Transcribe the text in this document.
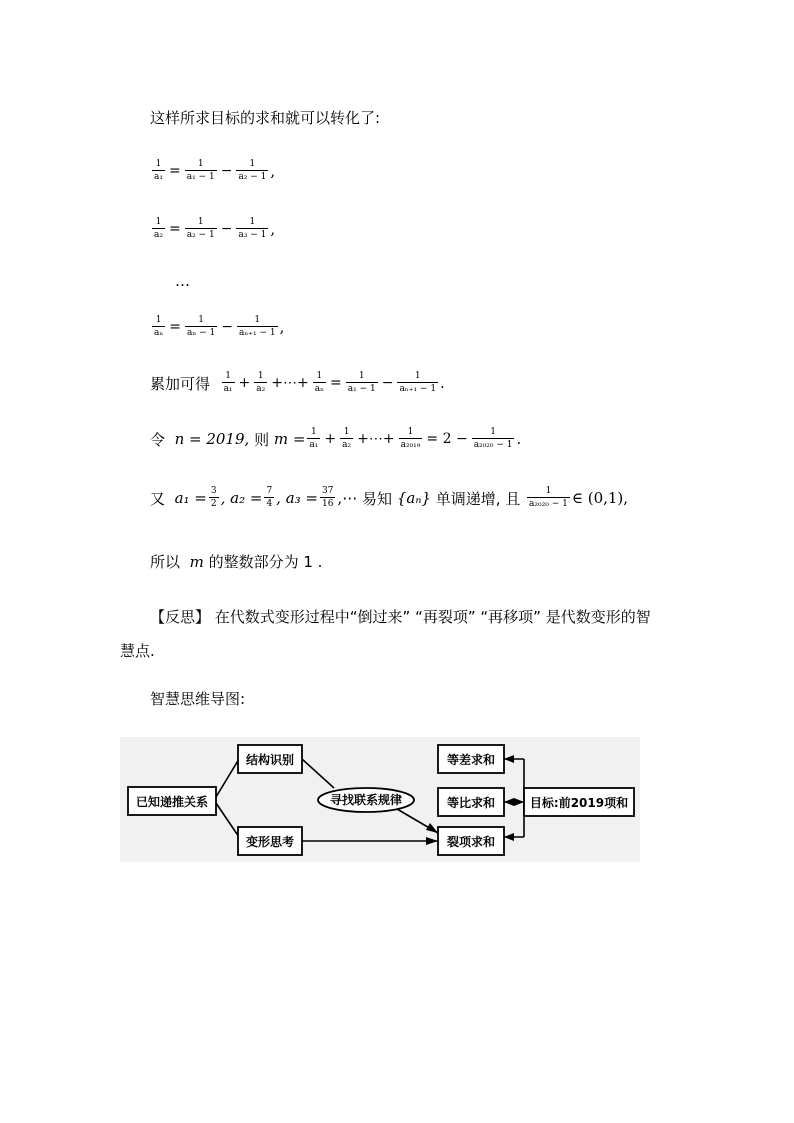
这样所求目标的求和就可以转化了:
$\frac{1}{\text{a₁}} = \frac{1}{\text{a₁ − 1}} - \frac{1}{\text{a₂ − 1}}$ ,
$\frac{1}{\text{a₂}} = \frac{1}{\text{a₂ − 1}} - \frac{1}{\text{a₃ − 1}}$ ,
…
$\frac{1}{\text{aₙ}} = \frac{1}{\text{aₙ − 1}} - \frac{1}{\text{aₙ₊₁ − 1}}$ ,
累加可得
$\frac{1}{\text{a₁}} + \frac{1}{\text{a₂}}$ +⋯+ $\frac{1}{\text{aₙ}} = \frac{1}{\text{a₁ − 1}} - \frac{1}{\text{aₙ₊₁ − 1}}$ .
令
n = 2019,
则
$m = \frac{1}{\text{a₁}} + \frac{1}{\text{a₂}}$ +⋯+ $\frac{1}{\text{a₂₀₁₉}} = 2 - \frac{1}{\text{a₂₀₂₀ − 1}}$ .
又
$a_1 = \frac{3}{2}$ , $a_2 = \frac{7}{4}$ , $a_3 = \frac{37}{16}$ ,⋯
易知
{aₙ}
单调递增, 且
$\frac{1}{\text{a₂₀₂₀ − 1}}$ ∈ (0,1),
所以
m
的整数部分为 1 .
【反思】 在代数式变形过程中“倒过来” “再裂项” “再移项” 是代数变形的智
慧点.
智慧思维导图:
已知递推关系
结构识别
变形思考
寻找联系规律
等差求和
等比求和
裂项求和
目标:前2019项和
